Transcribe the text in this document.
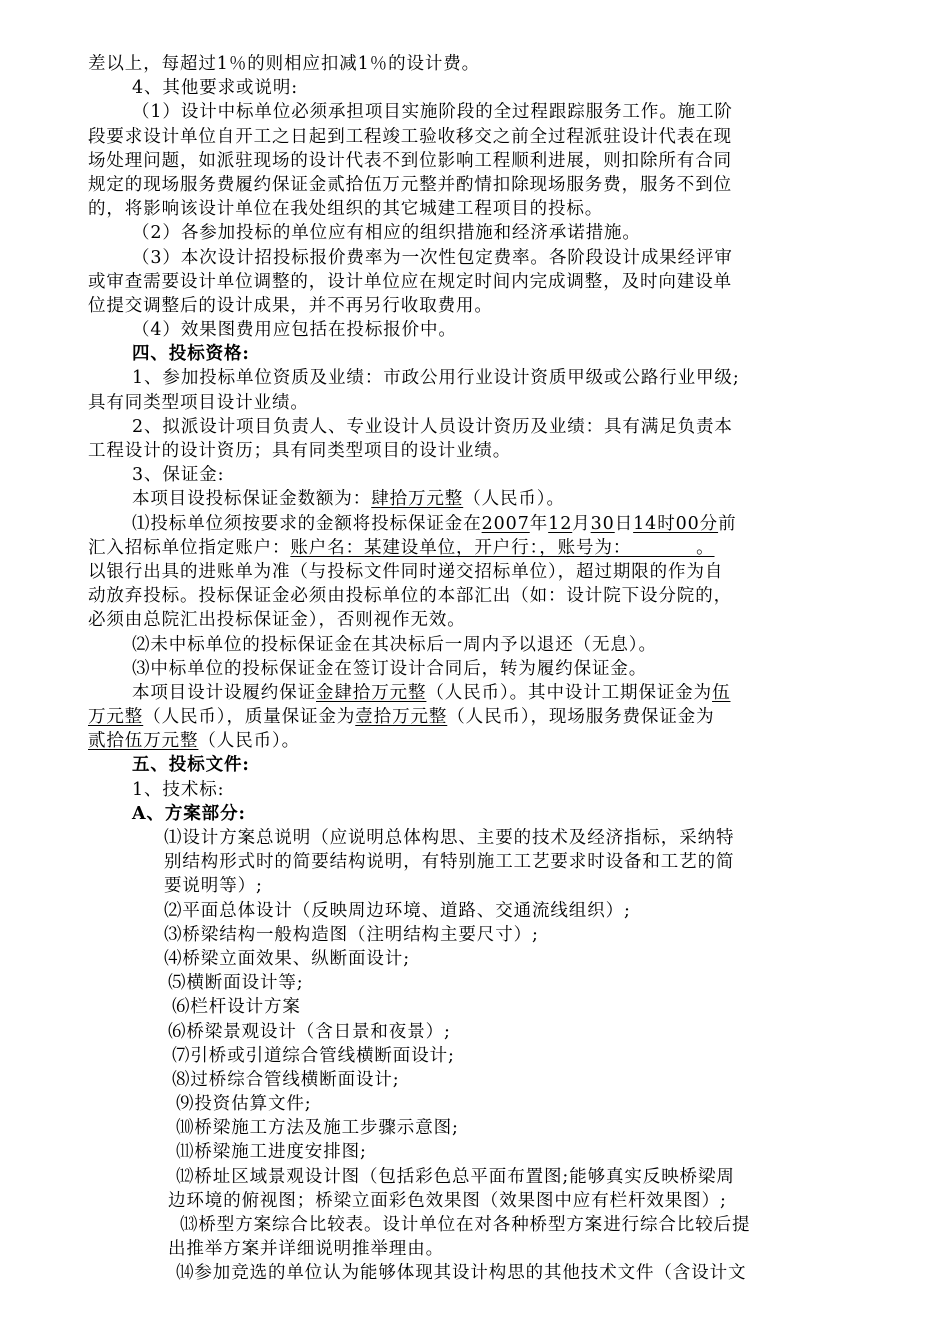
差以上，每超过1％的则相应扣减1％的设计费。
4、其他要求或说明:
（1）设计中标单位必须承担项目实施阶段的全过程跟踪服务工作。施工阶
段要求设计单位自开工之日起到工程竣工验收移交之前全过程派驻设计代表在现
场处理问题，如派驻现场的设计代表不到位影响工程顺利进展，则扣除所有合同
规定的现场服务费履约保证金贰拾伍万元整并酌情扣除现场服务费，服务不到位
的，将影响该设计单位在我处组织的其它城建工程项目的投标。
（2）各参加投标的单位应有相应的组织措施和经济承诺措施。
（3）本次设计招投标报价费率为一次性包定费率。各阶段设计成果经评审
或审查需要设计单位调整的，设计单位应在规定时间内完成调整，及时向建设单
位提交调整后的设计成果，并不再另行收取费用。
（4）效果图费用应包括在投标报价中。
四、投标资格:
1、参加投标单位资质及业绩：市政公用行业设计资质甲级或公路行业甲级;
具有同类型项目设计业绩。
2、拟派设计项目负责人、专业设计人员设计资历及业绩：具有满足负责本
工程设计的设计资历；具有同类型项目的设计业绩。
3、保证金:
本项目设投标保证金数额为：肆拾万元整（人民币）。
⑴投标单位须按要求的金额将投标保证金在2007年12月30日14时00分前
汇入招标单位指定账户：账户名：某建设单位，开户行：，账号为：　　　　。
以银行出具的进账单为准（与投标文件同时递交招标单位），超过期限的作为自
动放弃投标。投标保证金必须由投标单位的本部汇出（如：设计院下设分院的，
必须由总院汇出投标保证金），否则视作无效。
⑵未中标单位的投标保证金在其决标后一周内予以退还（无息）。
⑶中标单位的投标保证金在签订设计合同后，转为履约保证金。
本项目设计设履约保证金肆拾万元整（人民币）。其中设计工期保证金为伍
万元整（人民币），质量保证金为壹拾万元整（人民币），现场服务费保证金为
贰拾伍万元整（人民币）。
五、投标文件:
1、技术标:
A、方案部分:
⑴设计方案总说明（应说明总体构思、主要的技术及经济指标，采纳特
别结构形式时的简要结构说明，有特别施工工艺要求时设备和工艺的简
要说明等）;
⑵平面总体设计（反映周边环境、道路、交通流线组织）;
⑶桥梁结构一般构造图（注明结构主要尺寸）;
⑷桥梁立面效果、纵断面设计;
⑸横断面设计等;
⑹栏杆设计方案
⑹桥梁景观设计（含日景和夜景）;
⑺引桥或引道综合管线横断面设计;
⑻过桥综合管线横断面设计;
⑼投资估算文件;
⑽桥梁施工方法及施工步骤示意图;
⑾桥梁施工进度安排图;
⑿桥址区域景观设计图（包括彩色总平面布置图;能够真实反映桥梁周
边环境的俯视图；桥梁立面彩色效果图（效果图中应有栏杆效果图）;
⒀桥型方案综合比较表。设计单位在对各种桥型方案进行综合比较后提
出推举方案并详细说明推举理由。
⒁参加竞选的单位认为能够体现其设计构思的其他技术文件（含设计文
